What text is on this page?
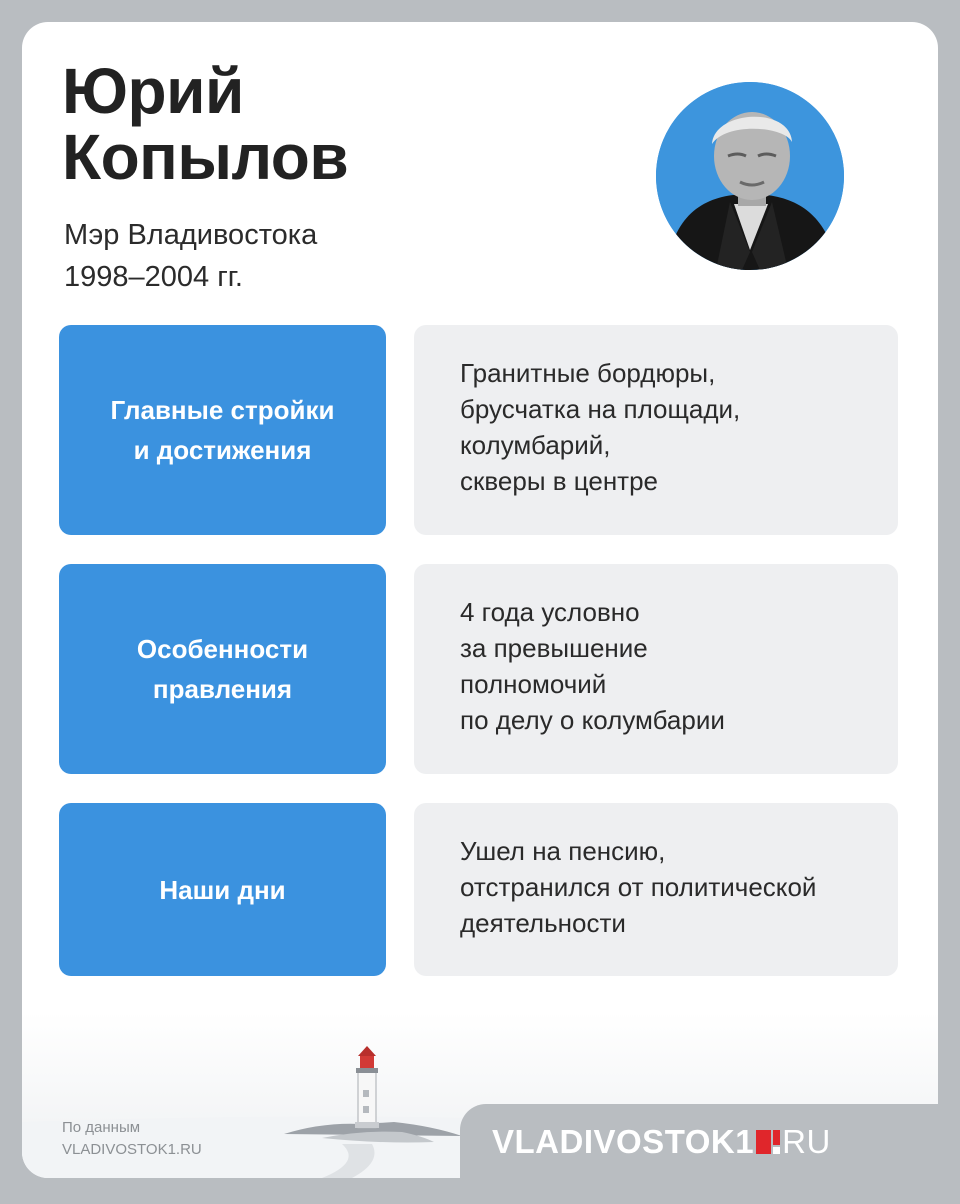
Юрий
Копылов
Мэр Владивостока
1998–2004 гг.
Главные стройки
и достижения
Гранитные бордюры,
брусчатка на площади,
колумбарий,
скверы в центре
Особенности
правления
4 года условно
за превышение
полномочий
по делу о колумбарии
Наши дни
Ушел на пенсию,
отстранился от политической
деятельности
По данным
VLADIVOSTOK1.RU	VLADIVOSTOK1 RU
